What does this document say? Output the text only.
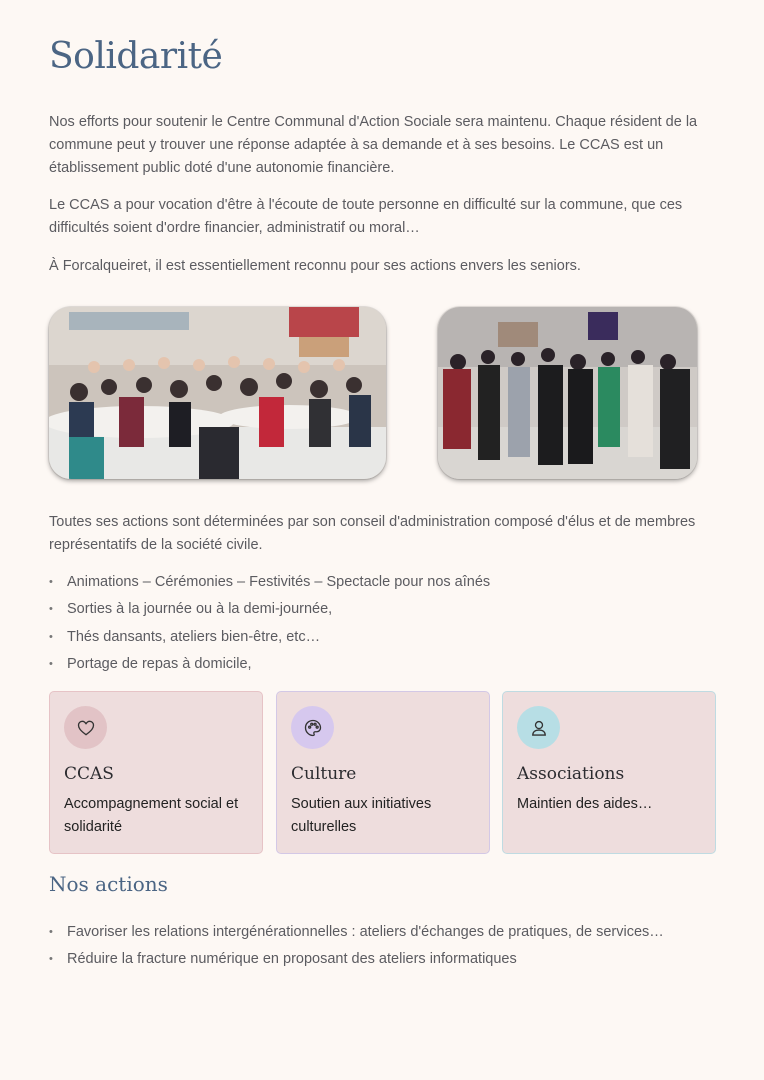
Solidarité

Nos efforts pour soutenir le Centre Communal d'Action Sociale sera maintenu. Chaque résident de la commune peut y trouver une réponse adaptée à sa demande et à ses besoins. Le CCAS est un établissement public doté d'une autonomie financière.

Le CCAS a pour vocation d'être à l'écoute de toute personne en difficulté sur la commune, que ces difficultés soient d'ordre financier, administratif ou moral…

À Forcalqueiret, il est essentiellement reconnu pour ses actions envers les seniors.

Toutes ses actions sont déterminées par son conseil d'administration composé d'élus et de membres représentatifs de la société civile.

• Animations – Cérémonies – Festivités – Spectacle pour nos aînés
• Sorties à la journée ou à la demi-journée,
• Thés dansants, ateliers bien-être, etc…
• Portage de repas à domicile,
CCAS
Accompagnement social et solidarité
Culture
Soutien aux initiatives culturelles
Associations
Maintien des aides…
Nos actions
• Favoriser les relations intergénérationnelles : ateliers d'échanges de pratiques, de services…
• Réduire la fracture numérique en proposant des ateliers informatiques
